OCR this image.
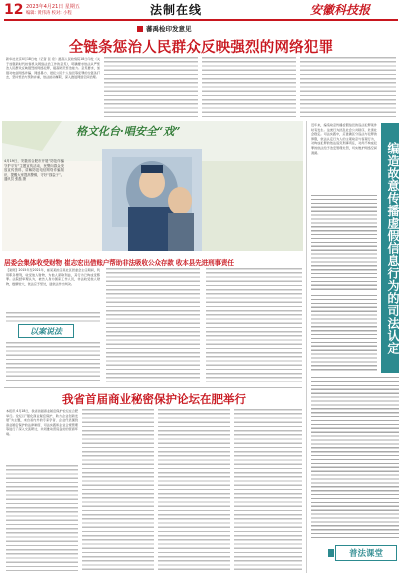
12 2023年4月21日 星期五
编辑: 黄伟涛 校对: 小程	法制在线	安徽科技报
蕃禹检印发意见
全链条惩治人民群众反映强烈的网络犯罪
新华社北京4月18日电（记者 张 泉）最高人民检察院18日印发《关于加强新时代检察机关网络法治工作的意见》，明确要求依法从严惩治人民群众反映强烈的网络犯罪，提高防范惩治能力。意见要求，加强对电信网络诈骗、网络暴力、侵犯公民个人信息等犯罪的全链条打击，坚持惩治与预防并重，依法能动履职，深入推进网络空间治理。
格文化台·唱安全“戏”
4月19日，安徽省合肥市开展“防范诈骗 守护平安”主题宣传活动，民警向群众发放宣传资料，讲解防范电信网络诈骗知识，提醒大家提高警惕，守好“钱袋子”。 通讯员 张磊 摄
居委会集体收受财物 崔志宏出借账户帮助非法吸收公众存款 收本县先进刑事责任
【案例】2015年至2021年，崔某某担任某社区居委会主任期间，利用职务便利，收受他人财物，为他人谋取利益，其行为已构成受贿罪。法院经审理认为，被告人身为国家工作人员，非法收受他人财物，数额较大，依法应予惩处，遂依法作出判决。
以案说法
我省首届商业秘密保护论坛在肥举行
本报讯 4月18日，我省首届商业秘密保护论坛在合肥举行。论坛以“强化商业秘密保护，助力企业创新发展”为主题，来自省内外的专家学者、企业代表围绕商业秘密保护的法律制度、司法实践和企业合规管理等进行了深入交流研讨，共同推动营造良好的营商环境。
近年来，编造故意传播虚假信息的违法犯罪案件时有发生。这类行为扰乱社会公共秩序，危害社会稳定。司法实践中，应准确区分违法与犯罪的界限，依法认定行为人的主观故意与客观行为，对构成犯罪的依法追究刑事责任，对尚不构成犯罪的依法给予治安管理处罚，切实维护网络空间清朗。	编造故意传播虚假信息行为的司法认定
普法课堂
